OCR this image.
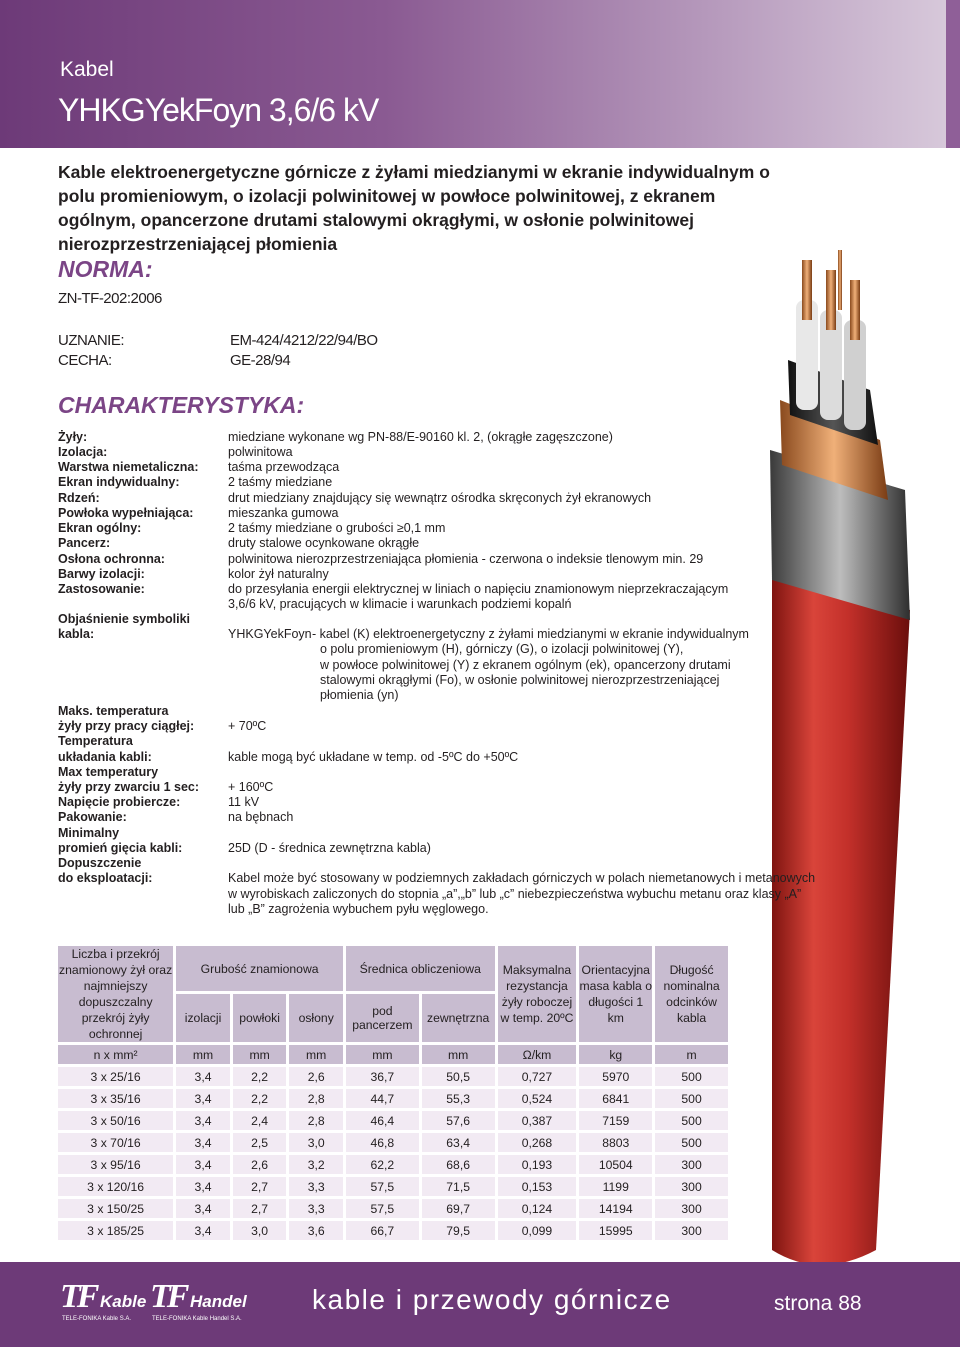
Kabel
YHKGYekFoyn 3,6/6 kV
Kable elektroenergetyczne górnicze z żyłami miedzianymi w ekranie indywidualnym o polu promieniowym, o izolacji polwinitowej w powłoce polwinitowej, z ekranem ogólnym, opancerzone drutami stalowymi okrągłymi, w osłonie polwinitowej nierozprzestrzeniającej płomienia
NORMA:
ZN-TF-202:2006
UZNANIE:	EM-424/4212/22/94/BO
CECHA:	GE-28/94
CHARAKTERYSTYKA:
Żyły:	miedziane wykonane wg PN-88/E-90160 kl. 2, (okrągłe zagęszczone)
Izolacja:	polwinitowa
Warstwa niemetaliczna: taśma przewodząca
Ekran indywidualny:	2 taśmy miedziane
Rdzeń:	drut miedziany znajdujący się wewnątrz ośrodka skręconych żył ekranowych
Powłoka wypełniająca:	mieszanka gumowa
Ekran ogólny:	2 taśmy miedziane o grubości ≥0,1 mm
Pancerz:	druty stalowe ocynkowane okrągłe
Osłona ochronna:	polwinitowa nierozprzestrzeniająca płomienia - czerwona o indeksie tlenowym min. 29
Barwy izolacji:	kolor żył naturalny
Zastosowanie:	do przesyłania energii elektrycznej w liniach o napięciu znamionowym nieprzekraczającym
3,6/6 kV, pracujących w klimacie i warunkach podziemi kopalń
Objaśnienie symboliki
kabla:	YHKGYekFoyn - kabel (K) elektroenergetyczny z żyłami miedzianymi w ekranie indywidualnym
o polu promieniowym (H), górniczy (G), o izolacji polwinitowej (Y),
w powłoce polwinitowej (Y) z ekranem ogólnym (ek), opancerzony drutami
stalowymi okrągłymi (Fo), w osłonie polwinitowej nierozprzestrzeniającej
płomienia (yn)
Maks. temperatura
żyły przy pracy ciągłej:	+ 70ºC
Temperatura
układania kabli:	kable mogą być układane w temp. od -5ºC do +50ºC
Max temperatury
żyły przy zwarciu 1 sec: + 160ºC
Napięcie probiercze:	11 kV
Pakowanie:	na bębnach
Minimalny
promień gięcia kabli:	25D (D - średnica zewnętrzna kabla)
Dopuszczenie
do eksploatacji:	Kabel może być stosowany w podziemnych zakładach górniczych w polach niemetanowych i metanowych
w wyrobiskach zaliczonych do stopnia „a”,„b” lub „c” niebezpieczeństwa wybuchu metanu oraz klasy „A”
lub „B” zagrożenia wybuchem pyłu węglowego.
Liczba i przekrój znamionowy żył oraz najmniejszy dopuszczalny przekrój żyły ochronnej	Grubość znamionowa			Średnica obliczeniowa		Maksymalna rezystancja żyły roboczej w temp. 20ºC	Orientacyjna masa kabla o długości 1 km	Długość nominalna odcinków kabla
	izolacji	powłoki	osłony	pod pancerzem	zewnętrzna			
n x mm²	mm	mm	mm	mm	mm	Ω/km	kg	m
3 x 25/16	3,4	2,2	2,6	36,7	50,5	0,727	5970	500
3 x 35/16	3,4	2,2	2,8	44,7	55,3	0,524	6841	500
3 x 50/16	3,4	2,4	2,8	46,4	57,6	0,387	7159	500
3 x 70/16	3,4	2,5	3,0	46,8	63,4	0,268	8803	500
3 x 95/16	3,4	2,6	3,2	62,2	68,6	0,193	10504	300
3 x 120/16	3,4	2,7	3,3	57,5	71,5	0,153	1199	300
3 x 150/25	3,4	2,7	3,3	57,5	69,7	0,124	14194	300
3 x 185/25	3,4	3,0	3,6	66,7	79,5	0,099	15995	300
TF Kable
TELE-FONIKA Kable S.A.
TF Handel
TELE-FONIKA Kable Handel S.A.
kable i przewody górnicze	strona 88
